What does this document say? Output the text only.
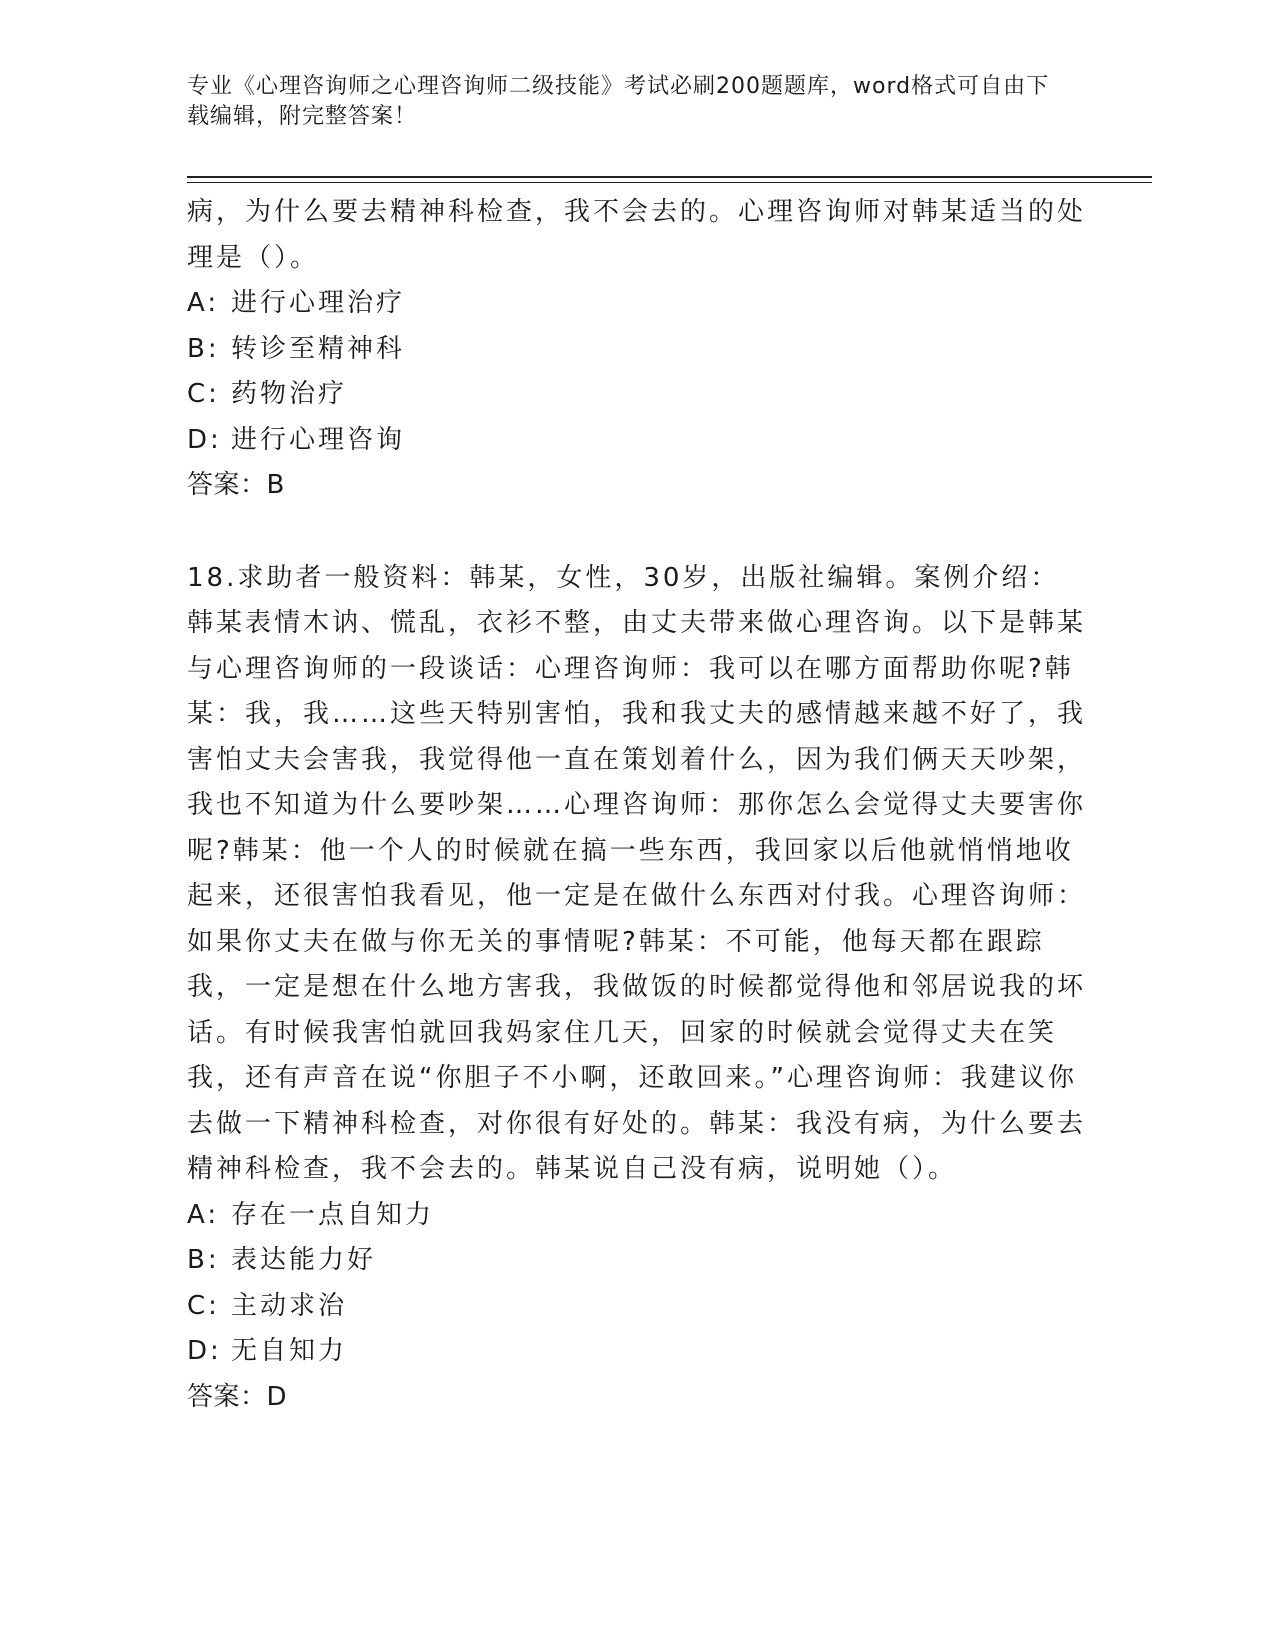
专业《心理咨询师之心理咨询师二级技能》考试必刷200题题库，word格式可自由下载编辑，附完整答案！

病，为什么要去精神科检查，我不会去的。心理咨询师对韩某适当的处理是（）。

A: 进行心理治疗

B: 转诊至精神科

C: 药物治疗

D: 进行心理咨询

答案：B

18.求助者一般资料：韩某，女性，30岁，出版社编辑。案例介绍：韩某表情木讷、慌乱，衣衫不整，由丈夫带来做心理咨询。以下是韩某与心理咨询师的一段谈话：心理咨询师：我可以在哪方面帮助你呢?韩某：我，我……这些天特别害怕，我和我丈夫的感情越来越不好了，我害怕丈夫会害我，我觉得他一直在策划着什么，因为我们俩天天吵架，我也不知道为什么要吵架……心理咨询师：那你怎么会觉得丈夫要害你呢?韩某：他一个人的时候就在搞一些东西，我回家以后他就悄悄地收起来，还很害怕我看见，他一定是在做什么东西对付我。心理咨询师：如果你丈夫在做与你无关的事情呢?韩某：不可能，他每天都在跟踪我，一定是想在什么地方害我，我做饭的时候都觉得他和邻居说我的坏话。有时候我害怕就回我妈家住几天，回家的时候就会觉得丈夫在笑我，还有声音在说“你胆子不小啊，还敢回来。”心理咨询师：我建议你去做一下精神科检查，对你很有好处的。韩某：我没有病，为什么要去精神科检查，我不会去的。韩某说自己没有病，说明她（）。

A: 存在一点自知力

B: 表达能力好

C: 主动求治

D: 无自知力

答案：D
